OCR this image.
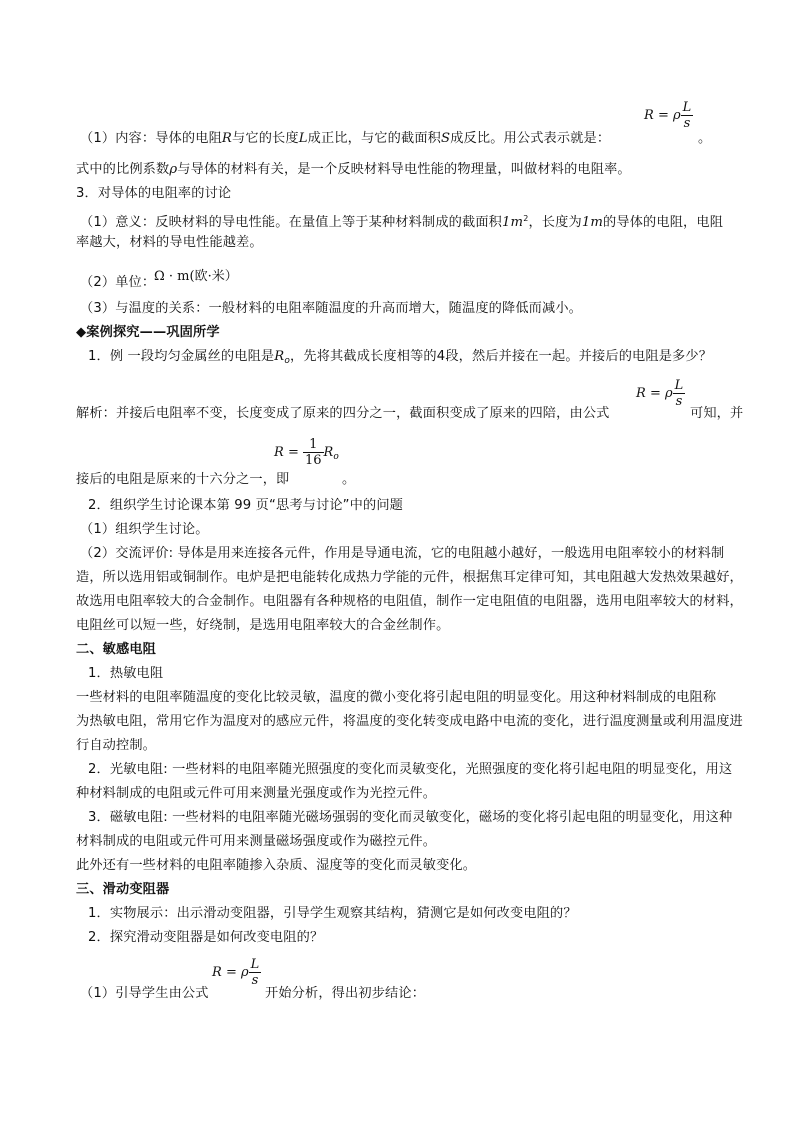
R = ρ $\frac{L}{s}$
（1）内容：导体的电阻R与它的长度L成正比，与它的截面积S成反比。用公式表示就是：	。
式中的比例系数ρ与导体的材料有关，是一个反映材料导电性能的物理量，叫做材料的电阻率。
3．对导体的电阻率的讨论
（1）意义：反映材料的导电性能。在量值上等于某种材料制成的截面积$1m^2$，长度为1m的导体的电阻，电阻
率越大，材料的导电性能越差。
（2）单位：
Ω · m(欧·米）
（3）与温度的关系：一般材料的电阻率随温度的升高而增大，随温度的降低而减小。
◆案例探究——巩固所学
1．例 一段均匀金属丝的电阻是$R_o$，先将其截成长度相等的4段，然后并接在一起。并接后的电阻是多少？
R = ρ $\frac{L}{s}$
解析：并接后电阻率不变，长度变成了原来的四分之一，截面积变成了原来的四陪，由公式	可知，并
$R = \frac{1}{16} R_o$
接后的电阻是原来的十六分之一，即	。
2．组织学生讨论课本第 99 页“思考与讨论”中的问题
（1）组织学生讨论。
（2）交流评价: 导体是用来连接各元件，作用是导通电流，它的电阻越小越好，一般选用电阻率较小的材料制
造，所以选用铝或铜制作。电炉是把电能转化成热力学能的元件，根据焦耳定律可知，其电阻越大发热效果越好，
故选用电阻率较大的合金制作。电阻器有各种规格的电阻值，制作一定电阻值的电阻器，选用电阻率较大的材料，
电阻丝可以短一些，好绕制，是选用电阻率较大的合金丝制作。
二、敏感电阻
1．热敏电阻
一些材料的电阻率随温度的变化比较灵敏，温度的微小变化将引起电阻的明显变化。用这种材料制成的电阻称
为热敏电阻，常用它作为温度对的感应元件，将温度的变化转变成电路中电流的变化，进行温度测量或利用温度进
行自动控制。
2．光敏电阻: 一些材料的电阻率随光照强度的变化而灵敏变化，光照强度的变化将引起电阻的明显变化，用这
种材料制成的电阻或元件可用来测量光强度或作为光控元件。
3．磁敏电阻: 一些材料的电阻率随光磁场强弱的变化而灵敏变化，磁场的变化将引起电阻的明显变化，用这种
材料制成的电阻或元件可用来测量磁场强度或作为磁控元件。
此外还有一些材料的电阻率随掺入杂质、湿度等的变化而灵敏变化。
三、滑动变阻器
1．实物展示：出示滑动变阻器，引导学生观察其结构，猜测它是如何改变电阻的？
2．探究滑动变阻器是如何改变电阻的？
R = ρ $\frac{L}{s}$
（1）引导学生由公式	开始分析，得出初步结论：
